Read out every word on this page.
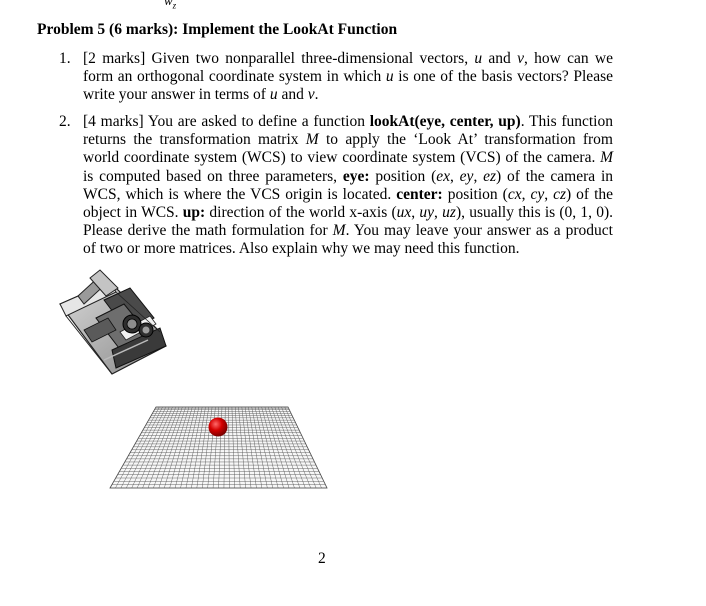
$w_z$
Problem 5 (6 marks): Implement the LookAt Function
1. [2 marks] Given two nonparallel three-dimensional vectors, u and v, how can we form an orthogonal coordinate system in which u is one of the basis vectors? Please write your answer in terms of u and v.
2. [4 marks] You are asked to define a function lookAt(eye, center, up). This function returns the transformation matrix M to apply the ‘Look At’ transformation from world coordinate system (WCS) to view coordinate system (VCS) of the camera. M is computed based on three parameters, eye: position (ex, ey, ez) of the camera in WCS, which is where the VCS origin is located. center: position (cx, cy, cz) of the object in WCS. up: direction of the world x-axis (ux, uy, uz), usually this is (0, 1, 0). Please derive the math formulation for M. You may leave your answer as a product of two or more matrices. Also explain why we may need this function.
2
